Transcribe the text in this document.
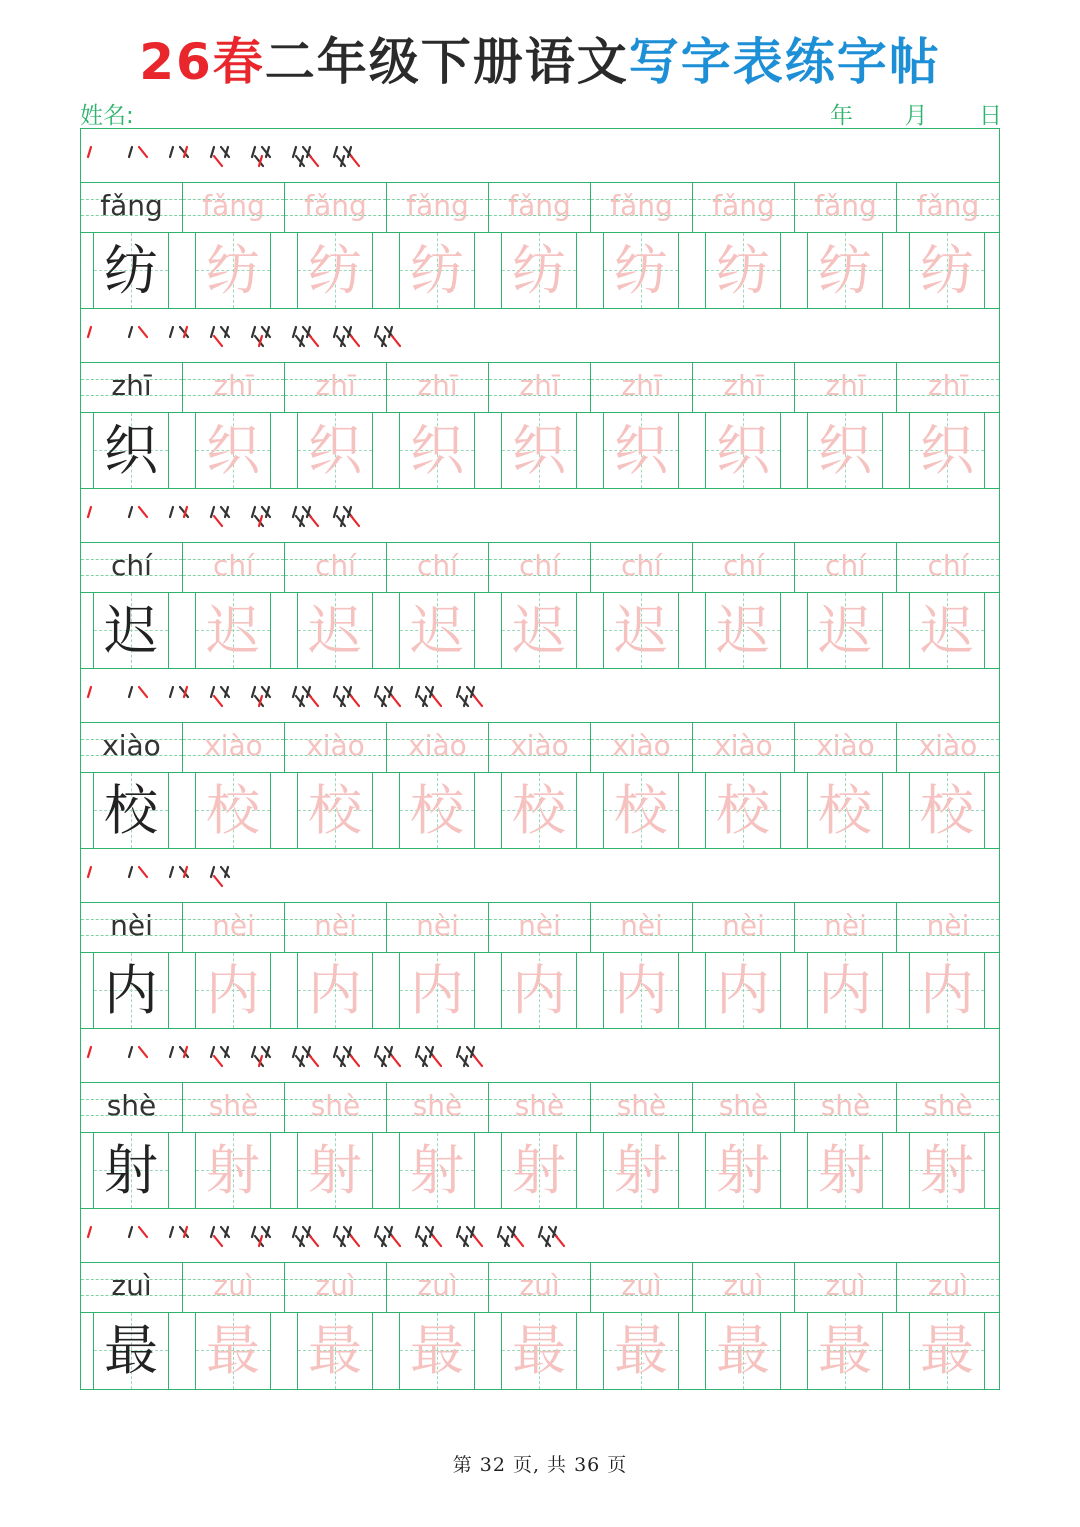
26春二年级下册语文写字表练字帖
姓名:	年 月 日
fǎng	fǎng	fǎng	fǎng	fǎng	fǎng	fǎng	fǎng	fǎng
纺 纺 纺 纺 纺 纺 纺 纺 纺
zhī	zhī	zhī	zhī	zhī	zhī	zhī	zhī	zhī
织 织 织 织 织 织 织 织 织
chí	chí	chí	chí	chí	chí	chí	chí	chí
迟 迟 迟 迟 迟 迟 迟 迟 迟
xiào	xiào	xiào	xiào	xiào	xiào	xiào	xiào	xiào
校 校 校 校 校 校 校 校 校
nèi	nèi	nèi	nèi	nèi	nèi	nèi	nèi	nèi
内 内 内 内 内 内 内 内 内
shè	shè	shè	shè	shè	shè	shè	shè	shè
射 射 射 射 射 射 射 射 射
zuì	zuì	zuì	zuì	zuì	zuì	zuì	zuì	zuì
最 最 最 最 最 最 最 最 最
第 32 页, 共 36 页
